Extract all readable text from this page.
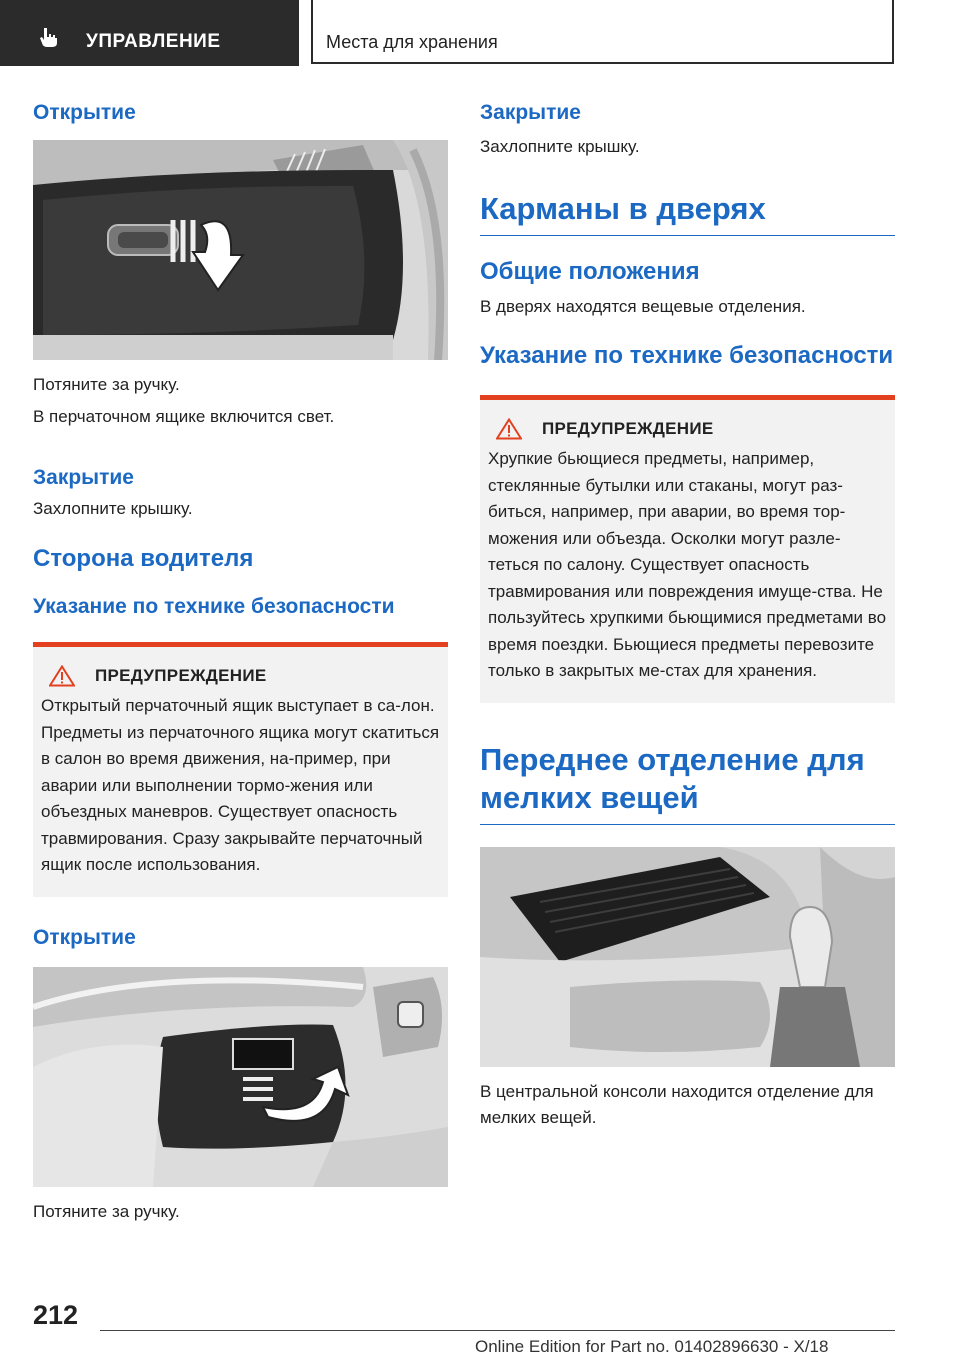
УПРАВЛЕНИЕ	Места для хранения
Открытие

Потяните за ручку.

В перчаточном ящике включится свет.

Закрытие

Захлопните крышку.

Сторона водителя
Указание по технике безопасности
ПРЕДУПРЕЖДЕНИЕ
Открытый перчаточный ящик выступает в са-лон. Предметы из перчаточного ящика могут скатиться в салон во время движения, на-пример, при аварии или выполнении тормо-жения или объездных маневров. Существует опасность травмирования. Сразу закрывайте перчаточный ящик после использования.
Открытие

Потяните за ручку.

Закрытие

Захлопните крышку.

Карманы в дверях
Общие положения

В дверях находятся вещевые отделения.

Указание по технике безопасности
ПРЕДУПРЕЖДЕНИЕ
Хрупкие бьющиеся предметы, например, стеклянные бутылки или стаканы, могут раз-биться, например, при аварии, во время тор-можения или объезда. Осколки могут разле-теться по салону. Существует опасность травмирования или повреждения имуще-ства. Не пользуйтесь хрупкими бьющимися предметами во время поездки. Бьющиеся предметы перевозите только в закрытых ме-стах для хранения.
Переднее отделение для мелких вещей

В центральной консоли находится отделение для мелких вещей.

212
Online Edition for Part no. 01402896630 - X/18
